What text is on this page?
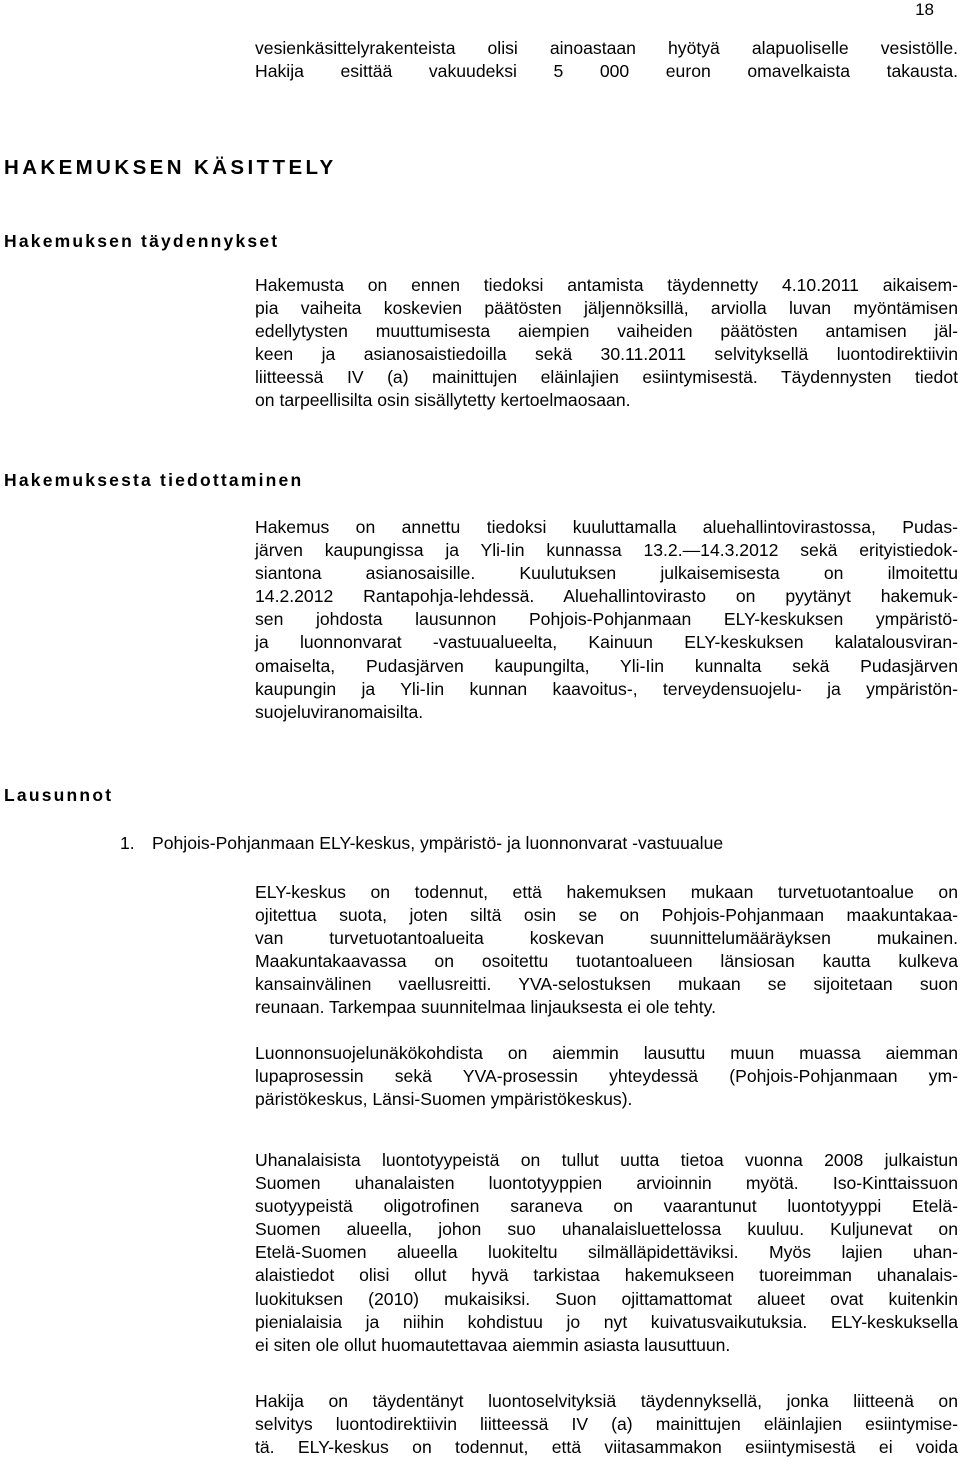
18
vesienkäsittelyrakenteista olisi ainoastaan hyötyä alapuoliselle vesistölle.
Hakija esittää vakuudeksi 5 000 euron omavelkaista takausta.
HAKEMUKSEN KÄSITTELY
Hakemuksen täydennykset
Hakemusta on ennen tiedoksi antamista täydennetty 4.10.2011 aikaisem-
pia vaiheita koskevien päätösten jäljennöksillä, arviolla luvan myöntämisen
edellytysten muuttumisesta aiempien vaiheiden päätösten antamisen jäl-
keen ja asianosaistiedoilla sekä 30.11.2011 selvityksellä luontodirektiivin
liitteessä IV (a) mainittujen eläinlajien esiintymisestä. Täydennysten tiedot
on tarpeellisilta osin sisällytetty kertoelmaosaan.
Hakemuksesta tiedottaminen
Hakemus on annettu tiedoksi kuuluttamalla aluehallintovirastossa, Pudas-
järven kaupungissa ja Yli-Iin kunnassa 13.2.—14.3.2012 sekä erityistiedok-
siantona asianosaisille. Kuulutuksen julkaisemisesta on ilmoitettu
14.2.2012 Rantapohja-lehdessä. Aluehallintovirasto on pyytänyt hakemuk-
sen johdosta lausunnon Pohjois-Pohjanmaan ELY-keskuksen ympäristö-
ja luonnonvarat -vastuualueelta, Kainuun ELY-keskuksen kalatalousviran-
omaiselta, Pudasjärven kaupungilta, Yli-Iin kunnalta sekä Pudasjärven
kaupungin ja Yli-Iin kunnan kaavoitus-, terveydensuojelu- ja ympäristön-
suojeluviranomaisilta.
Lausunnot
1. Pohjois-Pohjanmaan ELY-keskus, ympäristö- ja luonnonvarat -vastuualue
ELY-keskus on todennut, että hakemuksen mukaan turvetuotantoalue on
ojitettua suota, joten siltä osin se on Pohjois-Pohjanmaan maakuntakaa-
van turvetuotantoalueita koskevan suunnittelumääräyksen mukainen.
Maakuntakaavassa on osoitettu tuotantoalueen länsiosan kautta kulkeva
kansainvälinen vaellusreitti. YVA-selostuksen mukaan se sijoitetaan suon
reunaan. Tarkempaa suunnitelmaa linjauksesta ei ole tehty.
Luonnonsuojelunäkökohdista on aiemmin lausuttu muun muassa aiemman
lupaprosessin sekä YVA-prosessin yhteydessä (Pohjois-Pohjanmaan ym-
päristökeskus, Länsi-Suomen ympäristökeskus).
Uhanalaisista luontotyypeistä on tullut uutta tietoa vuonna 2008 julkaistun
Suomen uhanalaisten luontotyyppien arvioinnin myötä. Iso-Kinttaissuon
suotyypeistä oligotrofinen saraneva on vaarantunut luontotyyppi Etelä-
Suomen alueella, johon suo uhanalaisluettelossa kuuluu. Kuljunevat on
Etelä-Suomen alueella luokiteltu silmälläpidettäviksi. Myös lajien uhan-
alaistiedot olisi ollut hyvä tarkistaa hakemukseen tuoreimman uhanalais-
luokituksen (2010) mukaisiksi. Suon ojittamattomat alueet ovat kuitenkin
pienialaisia ja niihin kohdistuu jo nyt kuivatusvaikutuksia. ELY-keskuksella
ei siten ole ollut huomautettavaa aiemmin asiasta lausuttuun.
Hakija on täydentänyt luontoselvityksiä täydennyksellä, jonka liitteenä on
selvitys luontodirektiivin liitteessä IV (a) mainittujen eläinlajien esiintymise-
tä. ELY-keskus on todennut, että viitasammakon esiintymisestä ei voida
